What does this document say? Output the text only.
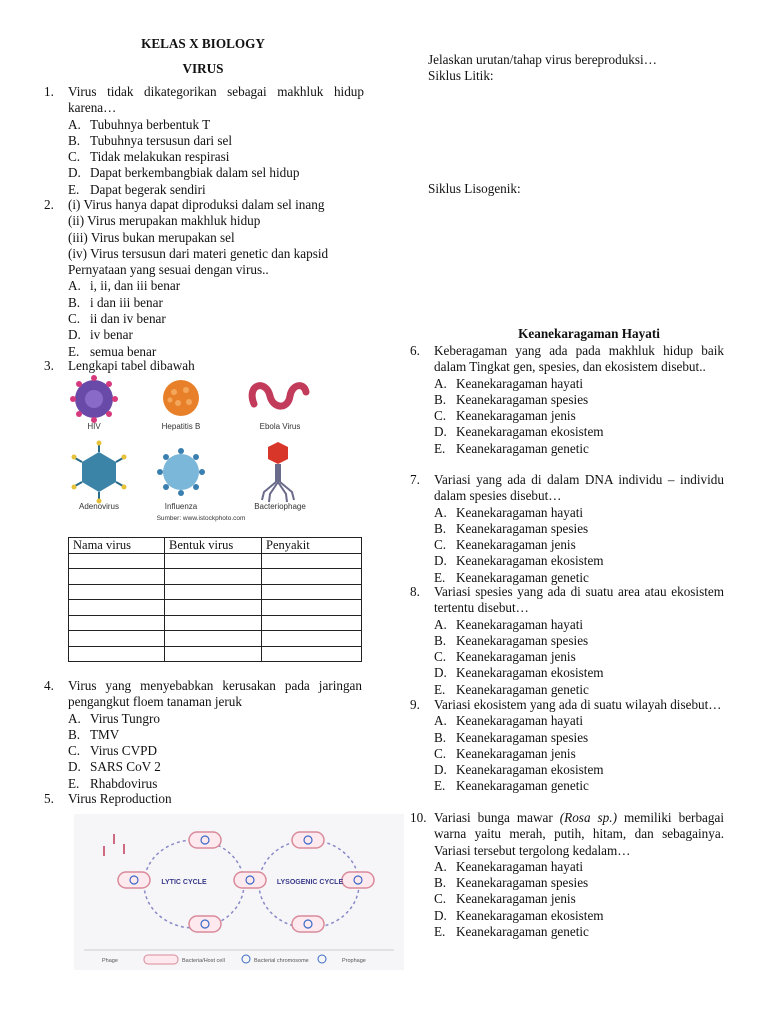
KELAS X BIOLOGY
VIRUS
1. Virus tidak dikategorikan sebagai makhluk hidup karena…
A. Tubuhnya berbentuk T
B. Tubuhnya tersusun dari sel
C. Tidak melakukan respirasi
D. Dapat berkembangbiak dalam sel hidup
E. Dapat begerak sendiri
2. (i) Virus hanya dapat diproduksi dalam sel inang
(ii) Virus merupakan makhluk hidup
(iii) Virus bukan merupakan sel
(iv) Virus tersusun dari materi genetic dan kapsid
Pernyataan yang sesuai dengan virus..
A. i, ii, dan iii benar
B. i dan iii benar
C. ii dan iv benar
D. iv benar
E. semua benar
3. Lengkapi tabel dibawah
HIV	Hepatitis B	Ebola Virus
Adenovirus	Influenza	Bacteriophage
Sumber: www.istockphoto.com
Nama virus	Bentuk virus	Penyakit

4. Virus yang menyebabkan kerusakan pada jaringan pengangkut floem tanaman jeruk
A. Virus Tungro
B. TMV
C. Virus CVPD
D. SARS CoV 2
E. Rhabdovirus
5. Virus Reproduction
LYTIC CYCLE	LYSOGENIC CYCLE
Phage	Bacteria/Host cell	Bacterial chromosome	Prophage
Jelaskan urutan/tahap virus bereproduksi…
Siklus Litik:
Siklus Lisogenik:
Keanekaragaman Hayati
6. Keberagaman yang ada pada makhluk hidup baik dalam Tingkat gen, spesies, dan ekosistem disebut..
A. Keanekaragaman hayati
B. Keanekaragaman spesies
C. Keanekaragaman jenis
D. Keanekaragaman ekosistem
E. Keanekaragaman genetic
7. Variasi yang ada di dalam DNA individu – individu dalam spesies disebut…
A. Keanekaragaman hayati
B. Keanekaragaman spesies
C. Keanekaragaman jenis
D. Keanekaragaman ekosistem
E. Keanekaragaman genetic
8. Variasi spesies yang ada di suatu area atau ekosistem tertentu disebut…
A. Keanekaragaman hayati
B. Keanekaragaman spesies
C. Keanekaragaman jenis
D. Keanekaragaman ekosistem
E. Keanekaragaman genetic
9. Variasi ekosistem yang ada di suatu wilayah disebut…
A. Keanekaragaman hayati
B. Keanekaragaman spesies
C. Keanekaragaman jenis
D. Keanekaragaman ekosistem
E. Keanekaragaman genetic
10. Variasi bunga mawar (Rosa sp.) memiliki berbagai warna yaitu merah, putih, hitam, dan sebagainya. Variasi tersebut tergolong kedalam…
A. Keanekaragaman hayati
B. Keanekaragaman spesies
C. Keanekaragaman jenis
D. Keanekaragaman ekosistem
E. Keanekaragaman genetic
